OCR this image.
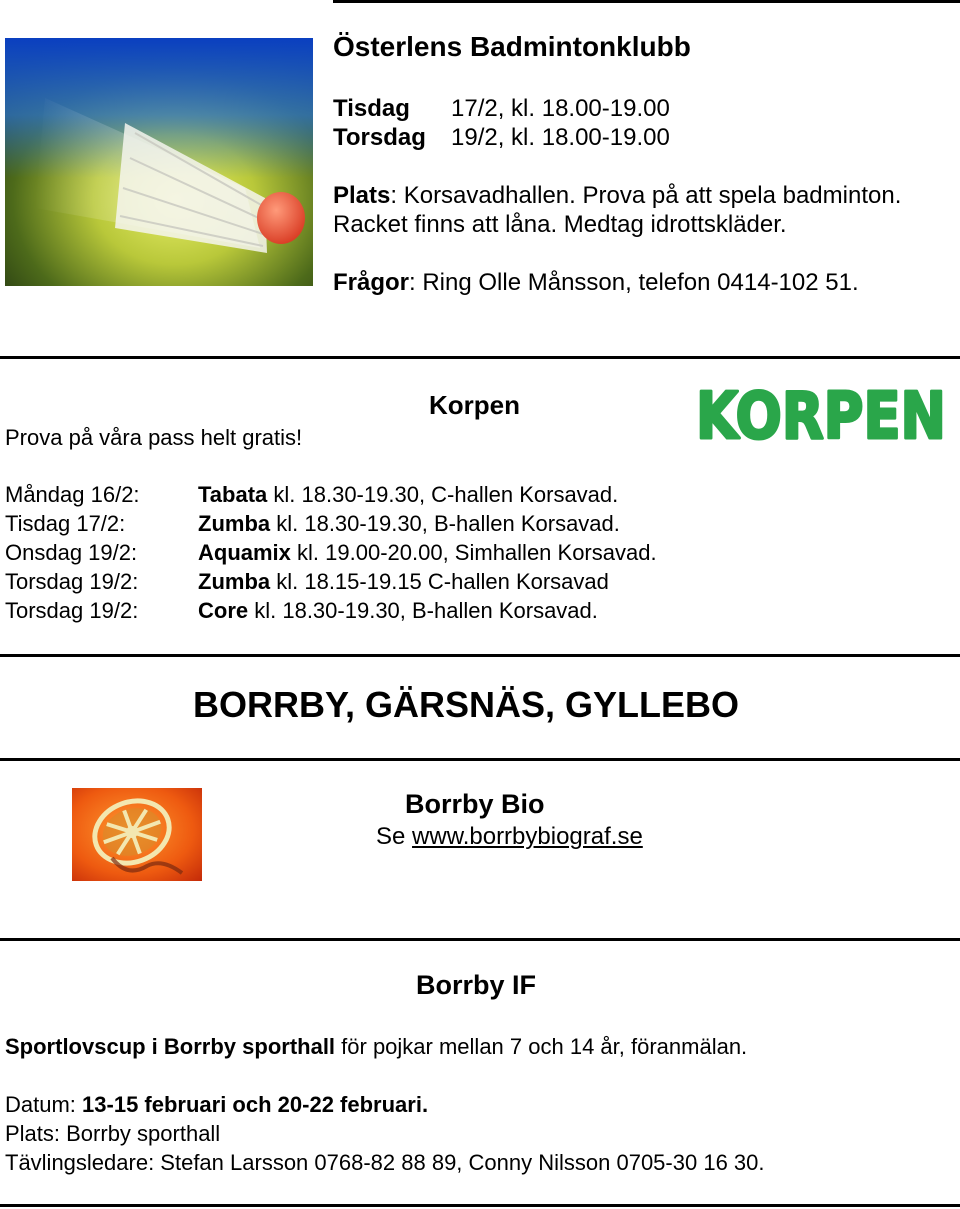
Österlens Badmintonklubb
Tisdag 17/2, kl. 18.00-19.00
Torsdag 19/2, kl. 18.00-19.00
Plats: Korsavadhallen. Prova på att spela badminton.
Racket finns att låna. Medtag idrottskläder.
Frågor: Ring Olle Månsson, telefon 0414-102 51.
Korpen
Prova på våra pass helt gratis!	KORPEN
Måndag 16/2:	Tabata kl. 18.30-19.30, C-hallen Korsavad.
Tisdag 17/2:	Zumba kl. 18.30-19.30, B-hallen Korsavad.
Onsdag 19/2:	Aquamix kl. 19.00-20.00, Simhallen Korsavad.
Torsdag 19/2:	Zumba kl. 18.15-19.15 C-hallen Korsavad
Torsdag 19/2:	Core kl. 18.30-19.30, B-hallen Korsavad.
BORRBY, GÄRSNÄS, GYLLEBO
Borrby Bio
Se www.borrbybiograf.se
Borrby IF
Sportlovscup i Borrby sporthall för pojkar mellan 7 och 14 år, föranmälan.
Datum: 13-15 februari och 20-22 februari.
Plats: Borrby sporthall
Tävlingsledare: Stefan Larsson 0768-82 88 89, Conny Nilsson 0705-30 16 30.
